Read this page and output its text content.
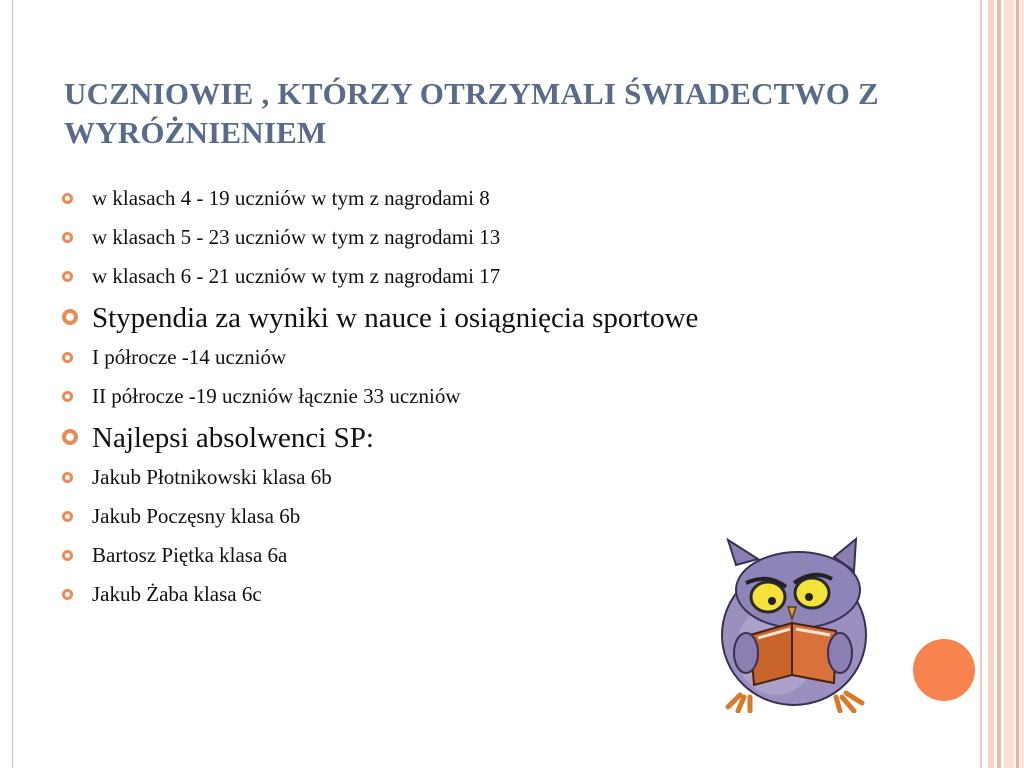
UCZNIOWIE , KTÓRZY OTRZYMALI ŚWIADECTWO Z WYRÓŻNIENIEM
w klasach 4 - 19 uczniów w tym z nagrodami 8
w klasach 5 - 23 uczniów w tym z nagrodami 13
w klasach 6 - 21 uczniów w tym z nagrodami 17
Stypendia za wyniki w nauce i osiągnięcia sportowe
I półrocze -14 uczniów
II półrocze -19 uczniów łącznie 33 uczniów
Najlepsi absolwenci SP:
Jakub Płotnikowski klasa 6b
Jakub Poczęsny klasa 6b
Bartosz Piętka klasa 6a
Jakub Żaba klasa 6c
